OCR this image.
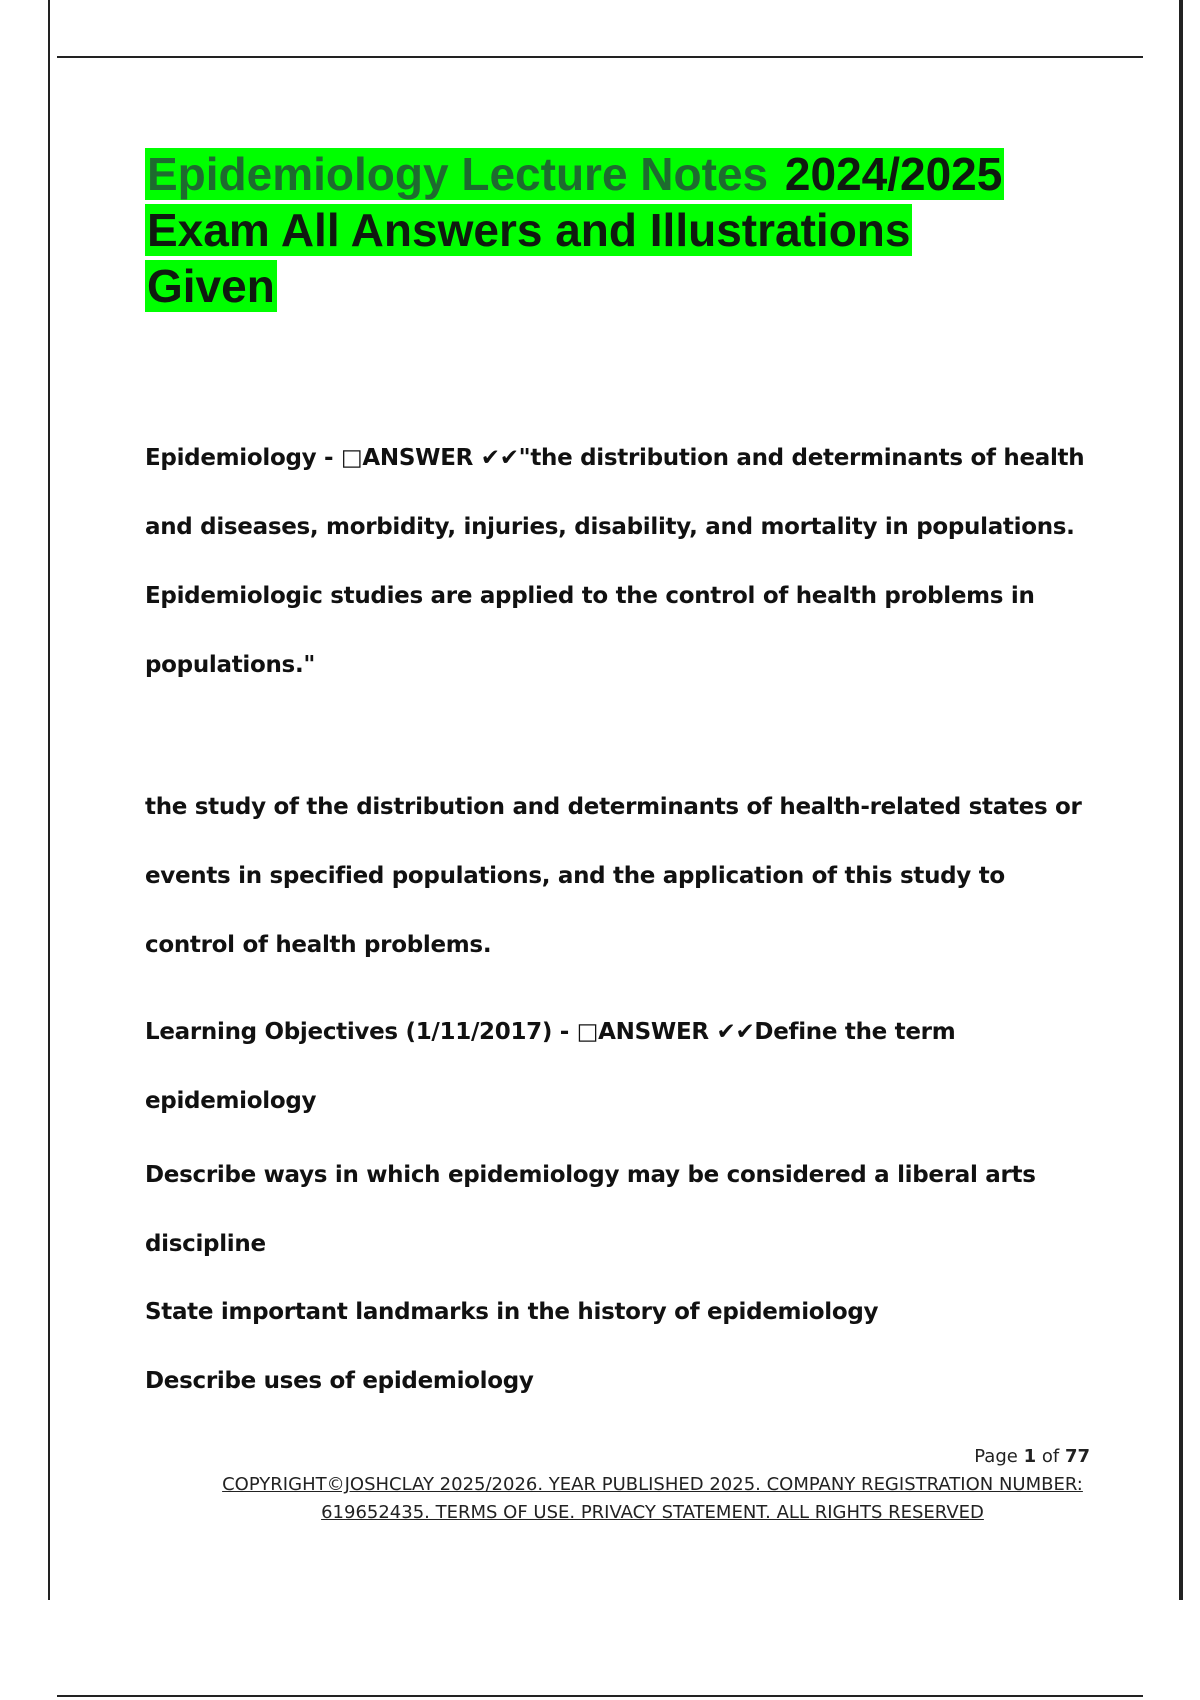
Epidemiology Lecture Notes 2024/2025
Exam All Answers and Illustrations Given

Epidemiology - □ANSWER ✔✔"the distribution and determinants of health and diseases, morbidity, injuries, disability, and mortality in populations. Epidemiologic studies are applied to the control of health problems in populations."

the study of the distribution and determinants of health-related states or events in specified populations, and the application of this study to control of health problems.

Learning Objectives (1/11/2017) - □ANSWER ✔✔Define the term epidemiology

Describe ways in which epidemiology may be considered a liberal arts discipline

State important landmarks in the history of epidemiology

Describe uses of epidemiology

Page 1 of 77
COPYRIGHT©JOSHCLAY 2025/2026. YEAR PUBLISHED 2025. COMPANY REGISTRATION NUMBER: 619652435. TERMS OF USE. PRIVACY STATEMENT. ALL RIGHTS RESERVED
